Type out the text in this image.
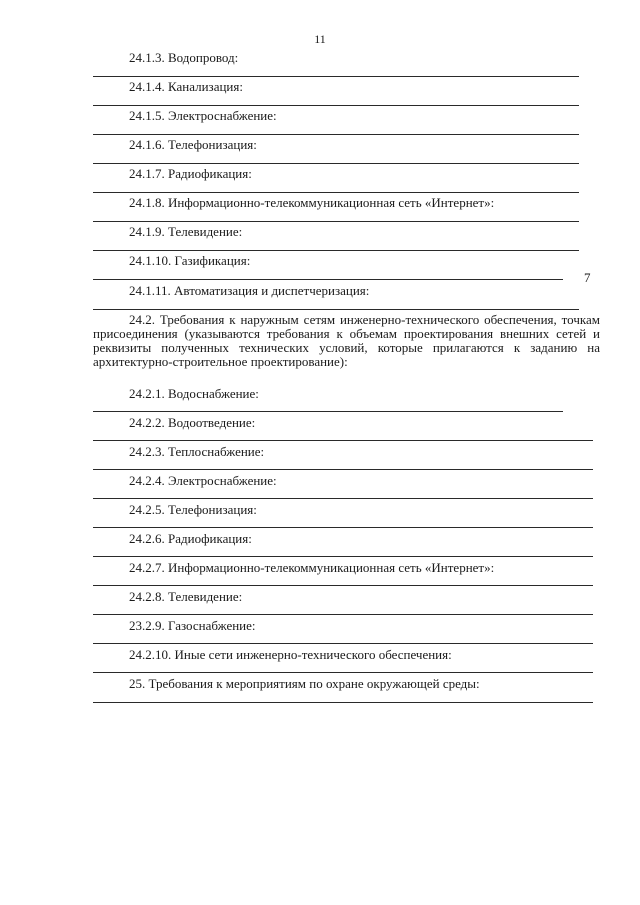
11
7
24.1.3. Водопровод:
24.1.4. Канализация:
24.1.5. Электроснабжение:
24.1.6. Телефонизация:
24.1.7. Радиофикация:
24.1.8. Информационно-телекоммуникационная сеть «Интернет»:
24.1.9. Телевидение:
24.1.10. Газификация:
24.1.11. Автоматизация и диспетчеризация:
24.2. Требования к наружным сетям инженерно-технического обеспечения, точкам присоединения (указываются требования к объемам проектирования внешних сетей и реквизиты полученных технических условий, которые прилагаются к заданию на архитектурно-строительное проектирование):
24.2.1. Водоснабжение:
24.2.2. Водоотведение:
24.2.3. Теплоснабжение:
24.2.4. Электроснабжение:
24.2.5. Телефонизация:
24.2.6. Радиофикация:
24.2.7. Информационно-телекоммуникационная сеть «Интернет»:
24.2.8. Телевидение:
23.2.9. Газоснабжение:
24.2.10. Иные сети инженерно-технического обеспечения:
25. Требования к мероприятиям по охране окружающей среды:
